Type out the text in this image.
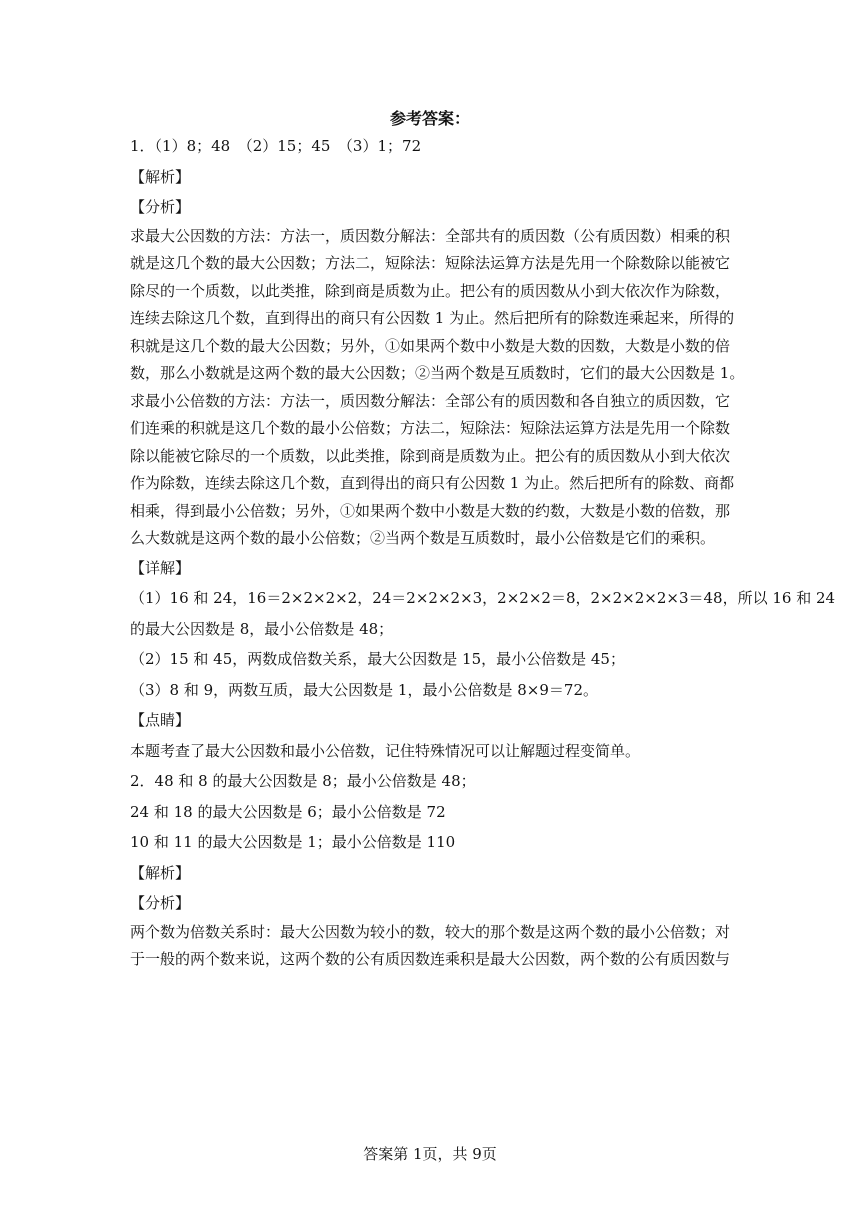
参考答案：
1．（1）8；48　（2）15；45　（3）1；72
【解析】
【分析】
求最大公因数的方法：方法一，质因数分解法：全部共有的质因数（公有质因数）相乘的积
就是这几个数的最大公因数；方法二，短除法：短除法运算方法是先用一个除数除以能被它
除尽的一个质数，以此类推，除到商是质数为止。把公有的质因数从小到大依次作为除数，
连续去除这几个数，直到得出的商只有公因数 1 为止。然后把所有的除数连乘起来，所得的
积就是这几个数的最大公因数；另外，①如果两个数中小数是大数的因数，大数是小数的倍
数，那么小数就是这两个数的最大公因数；②当两个数是互质数时，它们的最大公因数是 1。
求最小公倍数的方法：方法一，质因数分解法：全部公有的质因数和各自独立的质因数，它
们连乘的积就是这几个数的最小公倍数；方法二，短除法：短除法运算方法是先用一个除数
除以能被它除尽的一个质数，以此类推，除到商是质数为止。把公有的质因数从小到大依次
作为除数，连续去除这几个数，直到得出的商只有公因数 1 为止。然后把所有的除数、商都
相乘，得到最小公倍数；另外，①如果两个数中小数是大数的约数，大数是小数的倍数，那
么大数就是这两个数的最小公倍数；②当两个数是互质数时，最小公倍数是它们的乘积。
【详解】
（1）16 和 24，16＝2×2×2×2，24＝2×2×2×3，2×2×2＝8，2×2×2×2×3＝48，所以 16 和 24
的最大公因数是 8，最小公倍数是 48；
（2）15 和 45，两数成倍数关系，最大公因数是 15，最小公倍数是 45；
（3）8 和 9，两数互质，最大公因数是 1，最小公倍数是 8×9＝72。
【点睛】
本题考查了最大公因数和最小公倍数，记住特殊情况可以让解题过程变简单。
2．48 和 8 的最大公因数是 8；最小公倍数是 48；
24 和 18 的最大公因数是 6；最小公倍数是 72
10 和 11 的最大公因数是 1；最小公倍数是 110
【解析】
【分析】
两个数为倍数关系时：最大公因数为较小的数，较大的那个数是这两个数的最小公倍数；对
于一般的两个数来说，这两个数的公有质因数连乘积是最大公因数，两个数的公有质因数与
答案第 1页，共 9页
